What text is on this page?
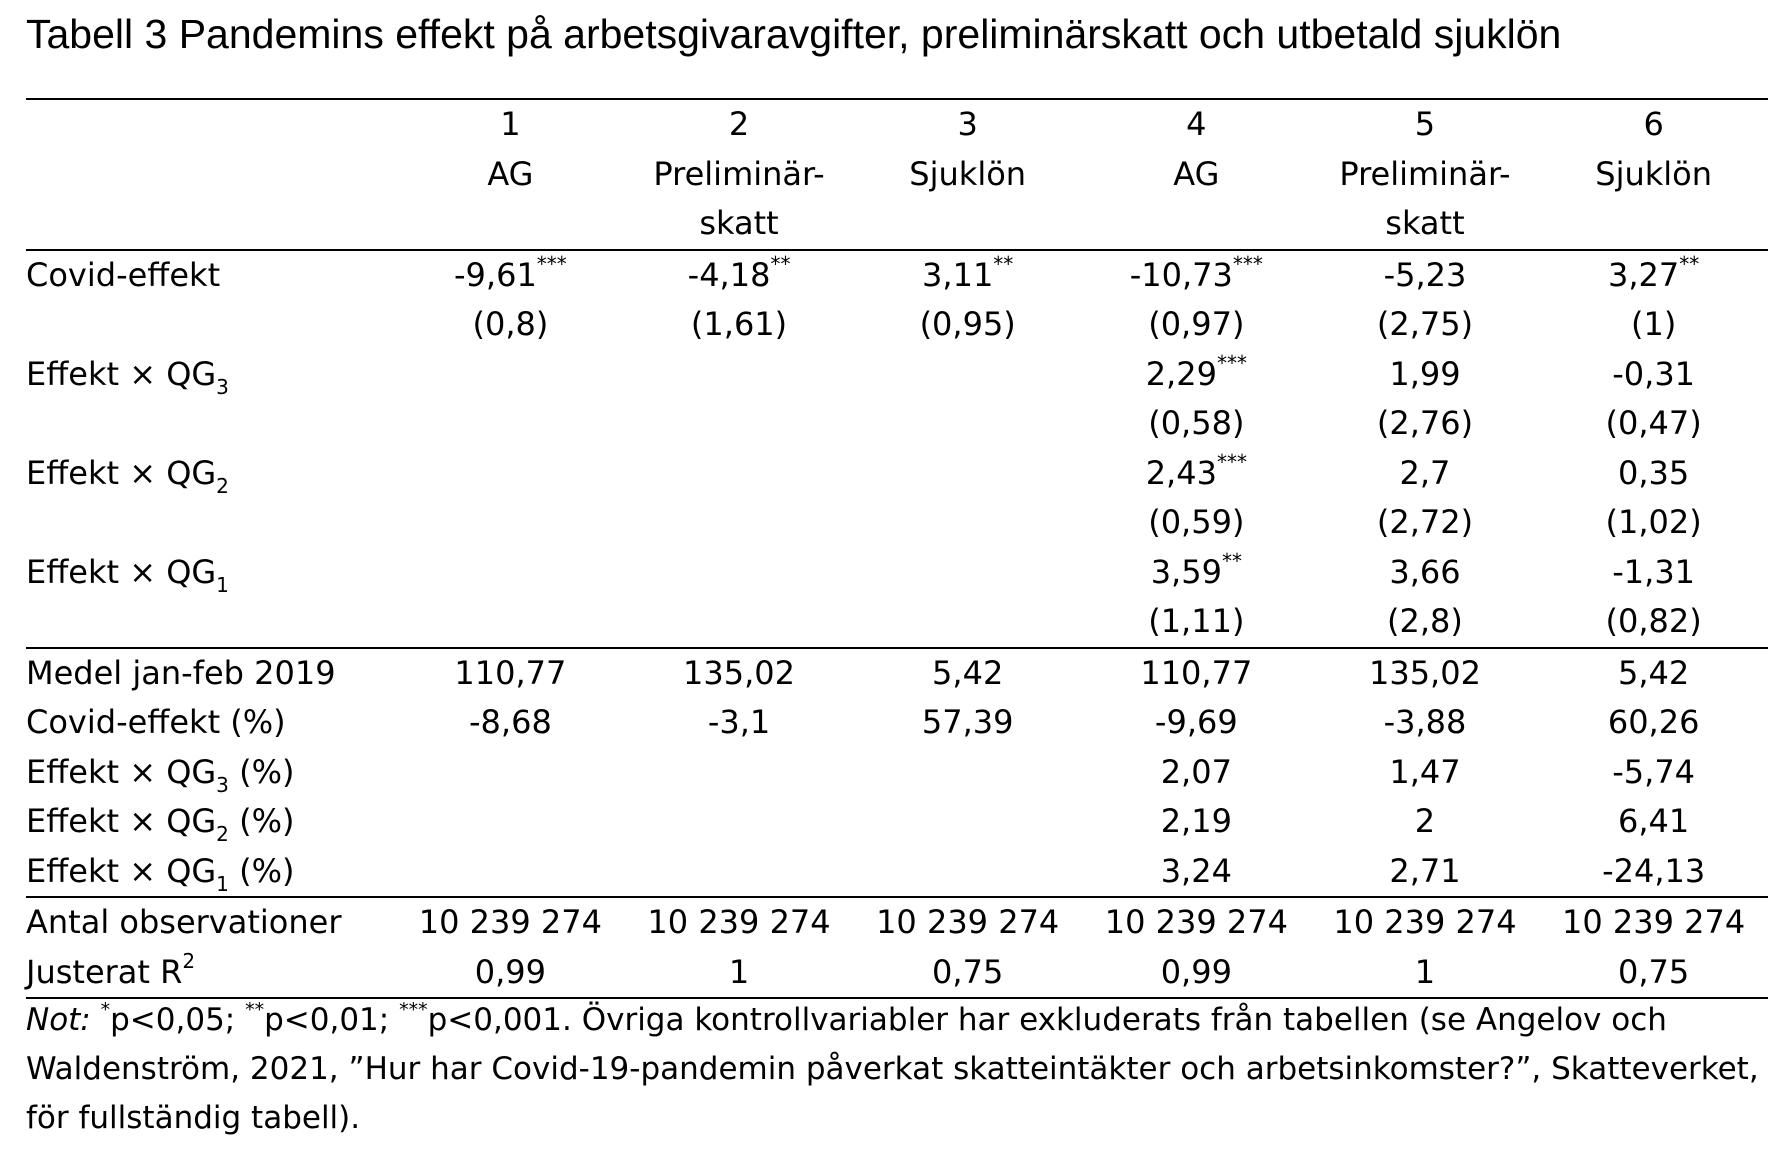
Tabell 3 Pandemins effekt på arbetsgivaravgifter, preliminärskatt och utbetald sjuklön
	1	2	3	4	5	6
	AG	Preliminär-	Sjuklön	AG	Preliminär-	Sjuklön
		skatt			skatt	
Covid-effekt	-9,61***	-4,18**	3,11**	-10,73***	-5,23	3,27**
	(0,8)	(1,61)	(0,95)	(0,97)	(2,75)	(1)
Effekt × $QG_3$				2,29***	1,99	-0,31
				(0,58)	(2,76)	(0,47)
Effekt × $QG_2$				2,43***	2,7	0,35
				(0,59)	(2,72)	(1,02)
Effekt × $QG_1$				3,59**	3,66	-1,31
				(1,11)	(2,8)	(0,82)
Medel jan-feb 2019	110,77	135,02	5,42	110,77	135,02	5,42
Covid-effekt (%)	-8,68	-3,1	57,39	-9,69	-3,88	60,26
Effekt × $QG_3$ (%)				2,07	1,47	-5,74
Effekt × $QG_2$ (%)				2,19	2	6,41
Effekt × $QG_1$ (%)				3,24	2,71	-24,13
Antal observationer	10 239 274	10 239 274	10 239 274	10 239 274	10 239 274	10 239 274
Justerat $R^2$	0,99	1	0,75	0,99	1	0,75
Not: *p<0,05; **p<0,01; ***p<0,001. Övriga kontrollvariabler har exkluderats från tabellen (se Angelov och Waldenström, 2021, ”Hur har Covid-19-pandemin påverkat skatteintäkter och arbetsinkomster?”, Skatteverket, för fullständig tabell).
